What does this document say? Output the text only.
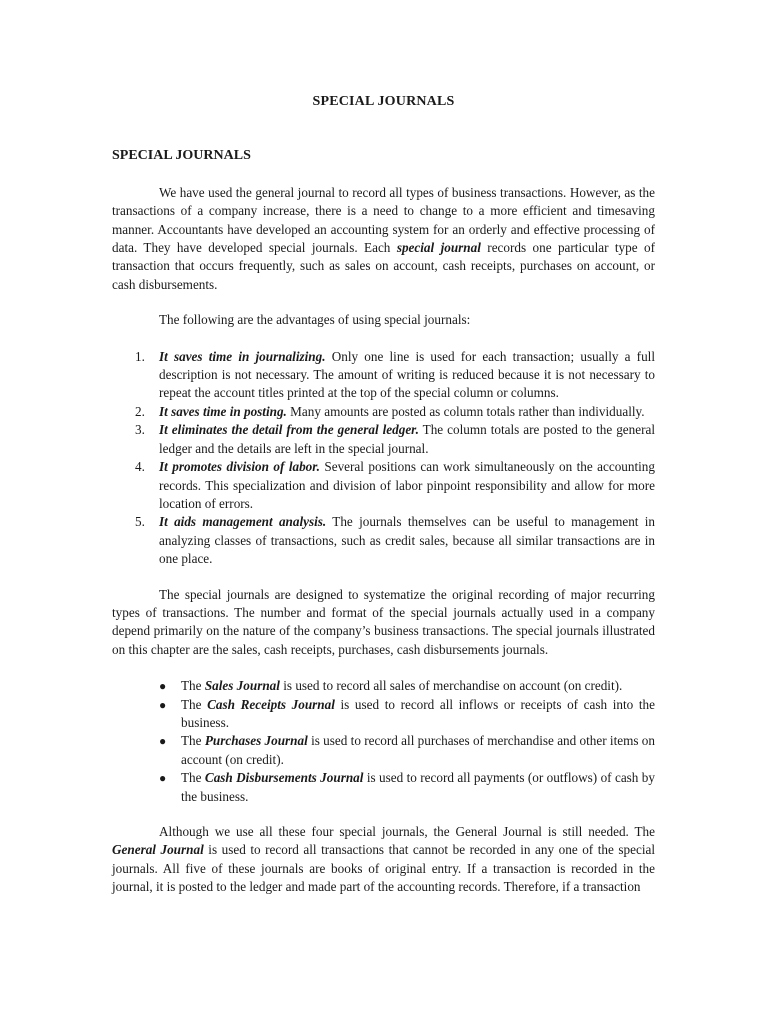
SPECIAL JOURNALS
SPECIAL JOURNALS

We have used the general journal to record all types of business transactions. However, as the transactions of a company increase, there is a need to change to a more efficient and timesaving manner. Accountants have developed an accounting system for an orderly and effective processing of data. They have developed special journals. Each special journal records one particular type of transaction that occurs frequently, such as sales on account, cash receipts, purchases on account, or cash disbursements.

The following are the advantages of using special journals:

1. It saves time in journalizing. Only one line is used for each transaction; usually a full description is not necessary. The amount of writing is reduced because it is not necessary to repeat the account titles printed at the top of the special column or columns.
2. It saves time in posting. Many amounts are posted as column totals rather than individually.
3. It eliminates the detail from the general ledger. The column totals are posted to the general ledger and the details are left in the special journal.
4. It promotes division of labor. Several positions can work simultaneously on the accounting records. This specialization and division of labor pinpoint responsibility and allow for more location of errors.
5. It aids management analysis. The journals themselves can be useful to management in analyzing classes of transactions, such as credit sales, because all similar transactions are in one place.

The special journals are designed to systematize the original recording of major recurring types of transactions. The number and format of the special journals actually used in a company depend primarily on the nature of the company’s business transactions. The special journals illustrated on this chapter are the sales, cash receipts, purchases, cash disbursements journals.

● The Sales Journal is used to record all sales of merchandise on account (on credit).
● The Cash Receipts Journal is used to record all inflows or receipts of cash into the business.
● The Purchases Journal is used to record all purchases of merchandise and other items on account (on credit).
● The Cash Disbursements Journal is used to record all payments (or outflows) of cash by the business.

Although we use all these four special journals, the General Journal is still needed. The General Journal is used to record all transactions that cannot be recorded in any one of the special journals. All five of these journals are books of original entry. If a transaction is recorded in the journal, it is posted to the ledger and made part of the accounting records. Therefore, if a transaction
